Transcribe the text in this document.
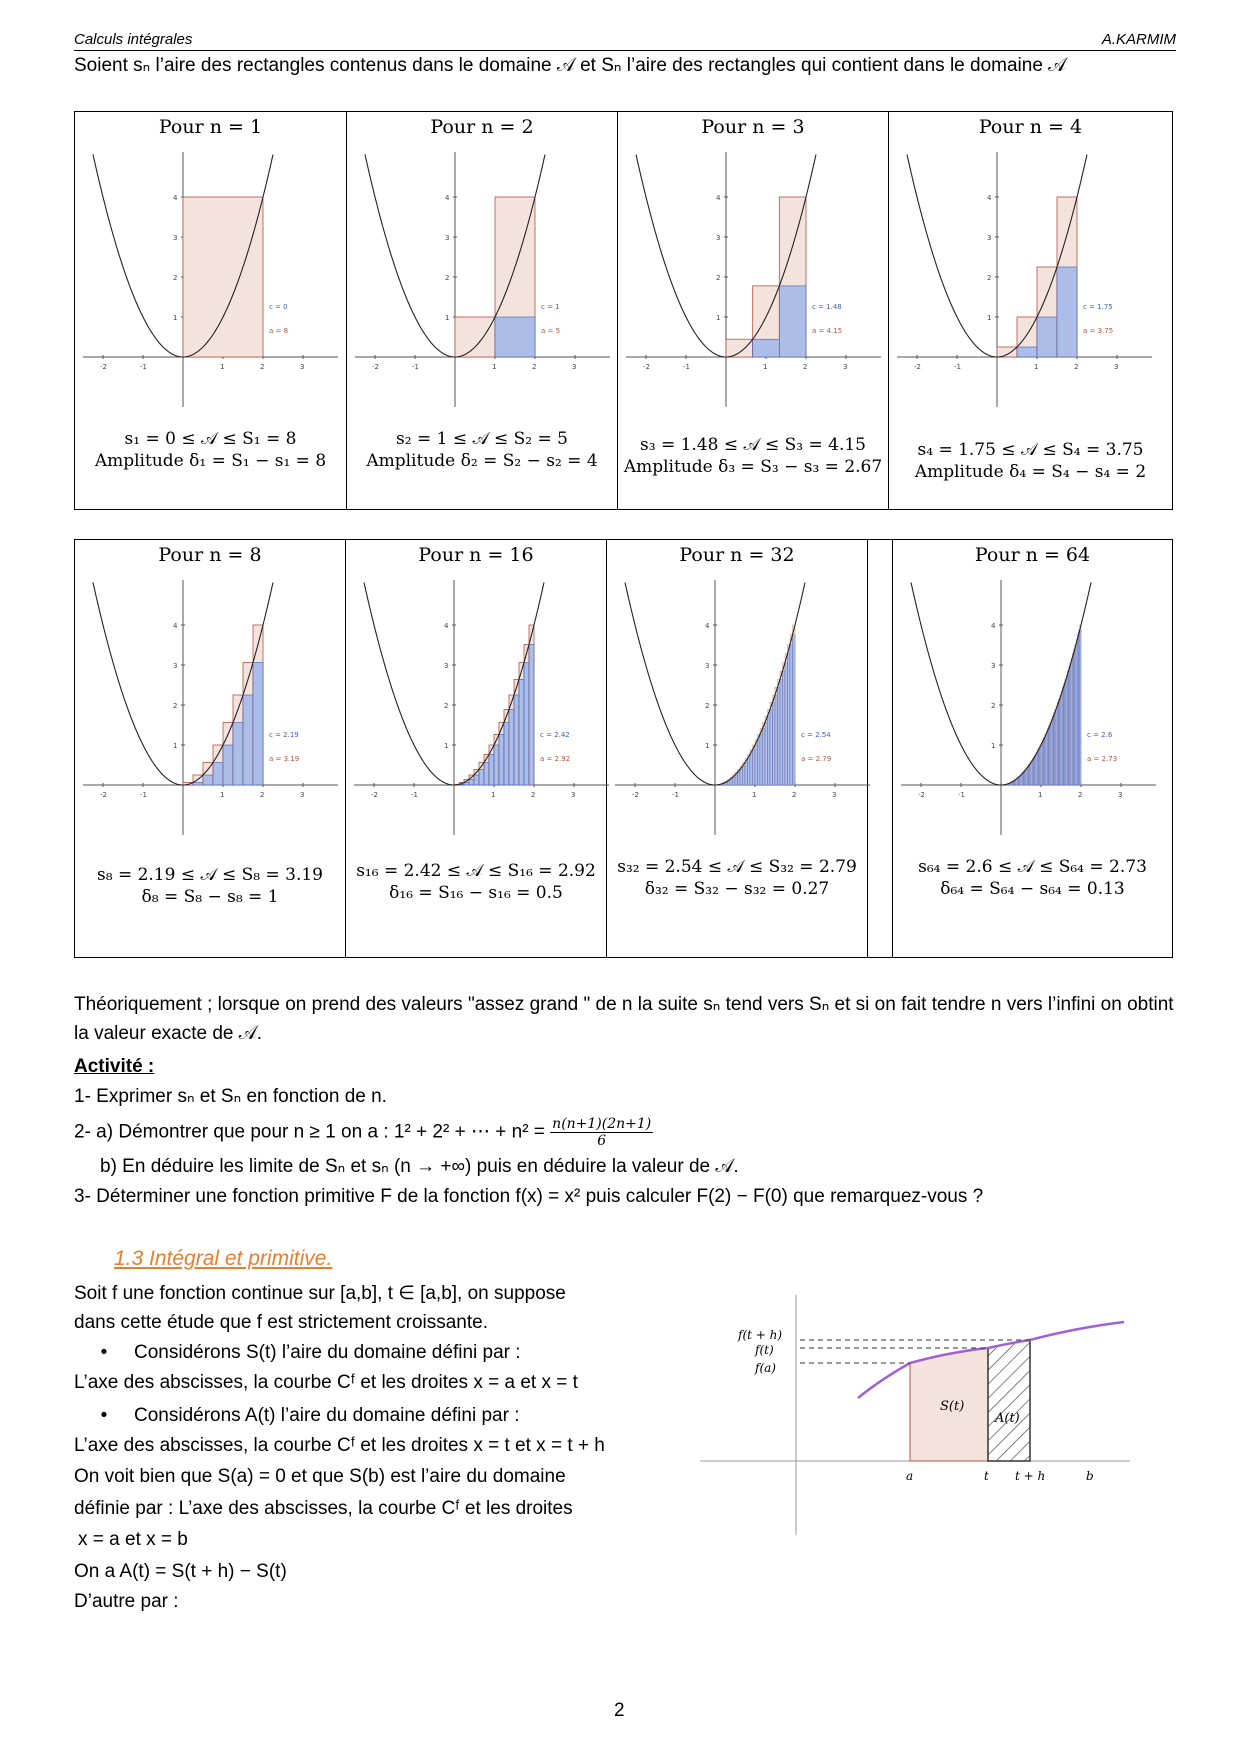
Calculs intégrales	A.KARMIM
Soient sₙ l’aire des rectangles contenus dans le domaine 𝒜 et Sₙ l’aire des rectangles qui contient dans le domaine 𝒜
Pour n = 1
-2	-1	1	2	3
1
2
3
4
c = 0
a = 8
s₁ = 0 ≤ 𝒜 ≤ S₁ = 8
Amplitude δ₁ = S₁ − s₁ = 8

Pour n = 2
-2	-1	1	2	3
1
2
3
4
c = 1
a = 5
s₂ = 1 ≤ 𝒜 ≤ S₂ = 5
Amplitude δ₂ = S₂ − s₂ = 4

Pour n = 3
-2	-1	1	2	3
1
2
3
4
c = 1.48
a = 4.15
s₃ = 1.48 ≤ 𝒜 ≤ S₃ = 4.15
Amplitude δ₃ = S₃ − s₃ = 2.67

Pour n = 4
-2	-1	1	2	3
1
2
3
4
c = 1.75
a = 3.75
s₄ = 1.75 ≤ 𝒜 ≤ S₄ = 3.75
Amplitude δ₄ = S₄ − s₄ = 2
Pour n = 8
-2	-1	1	2	3
1
2
3
4
c = 2.19
a = 3.19
s₈ = 2.19 ≤ 𝒜 ≤ S₈ = 3.19
δ₈ = S₈ − s₈ = 1

Pour n = 16
-2	-1	1	2	3
1
2
3
4
c = 2.42
a = 2.92
s₁₆ = 2.42 ≤ 𝒜 ≤ S₁₆ = 2.92
δ₁₆ = S₁₆ − s₁₆ = 0.5

Pour n = 32
-2	-1	1	2	3
1
2
3
4
c = 2.54
a = 2.79
s₃₂ = 2.54 ≤ 𝒜 ≤ S₃₂ = 2.79
δ₃₂ = S₃₂ − s₃₂ = 0.27

Pour n = 64
-2	-1	1	2	3
1
2
3
4
c = 2.6
a = 2.73
s₆₄ = 2.6 ≤ 𝒜 ≤ S₆₄ = 2.73
δ₆₄ = S₆₄ − s₆₄ = 0.13
Théoriquement ; lorsque on prend des valeurs "assez grand " de n la suite sₙ tend vers Sₙ et si on fait tendre n vers l’infini on obtint la valeur exacte de 𝒜.
Activité :
1- Exprimer sₙ et Sₙ en fonction de n.
2- a) Démontrer que pour n ≥ 1 on a : 1² + 2² + ⋯ + $n^2 = \frac{n(n+1)(2n+1)}{6}$
b) En déduire les limite de Sₙ et sₙ (n → +∞) puis en déduire la valeur de 𝒜.
3- Déterminer une fonction primitive F de la fonction f(x) = x² puis calculer F(2) − F(0) que remarquez-vous ?
1.3 Intégral et primitive.
Soit f une fonction continue sur [a,b], t ∈ [a,b], on suppose
dans cette étude que f est strictement croissante.
• Considérons S(t) l’aire du domaine défini par :
L’axe des abscisses, la courbe Cᶠ et les droites x = a et x = t
• Considérons A(t) l’aire du domaine défini par :
L’axe des abscisses, la courbe Cᶠ et les droites x = t et x = t + h
On voit bien que S(a) = 0 et que S(b) est l’aire du domaine
définie par : L’axe des abscisses, la courbe Cᶠ et les droites
x = a et x = b
On a A(t) = S(t + h) − S(t)
D’autre par :
f(t + h)
f(t)
f(a)
S(t)
A(t)
a	t t + h	b
2
